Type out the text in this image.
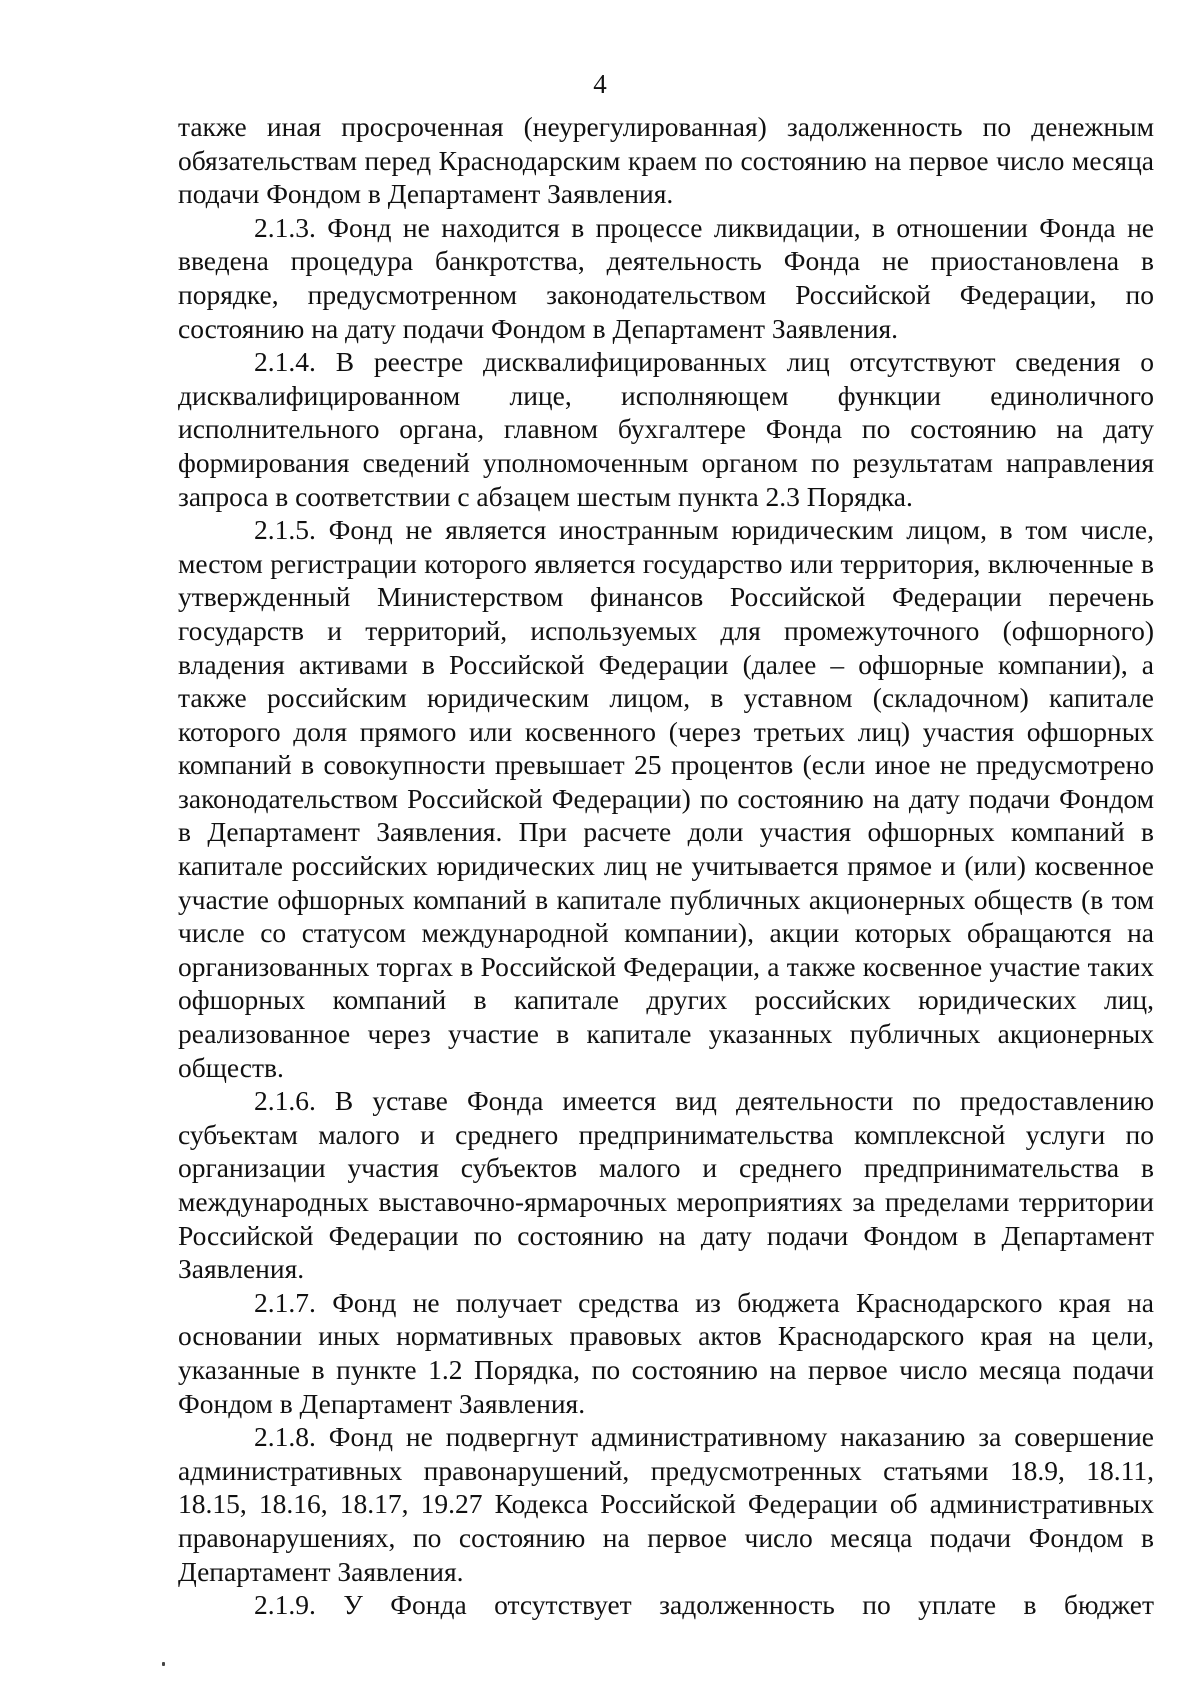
4

также иная просроченная (неурегулированная) задолженность по денежным обязательствам перед Краснодарским краем по состоянию на первое число месяца подачи Фондом в Департамент Заявления.

2.1.3. Фонд не находится в процессе ликвидации, в отношении Фонда не введена процедура банкротства, деятельность Фонда не приостановлена в порядке, предусмотренном законодательством Российской Федерации, по состоянию на дату подачи Фондом в Департамент Заявления.

2.1.4. В реестре дисквалифицированных лиц отсутствуют сведения о дисквалифицированном лице, исполняющем функции единоличного исполнительного органа, главном бухгалтере Фонда по состоянию на дату формирования сведений уполномоченным органом по результатам направления запроса в соответствии с абзацем шестым пункта 2.3 Порядка.

2.1.5. Фонд не является иностранным юридическим лицом, в том числе, местом регистрации которого является государство или территория, включенные в утвержденный Министерством финансов Российской Федерации перечень государств и территорий, используемых для промежуточного (офшорного) владения активами в Российской Федерации (далее – офшорные компании), а также российским юридическим лицом, в уставном (складочном) капитале которого доля прямого или косвенного (через третьих лиц) участия офшорных компаний в совокупности превышает 25 процентов (если иное не предусмотрено законодательством Российской Федерации) по состоянию на дату подачи Фондом в Департамент Заявления. При расчете доли участия офшорных компаний в капитале российских юридических лиц не учитывается прямое и (или) косвенное участие офшорных компаний в капитале публичных акционерных обществ (в том числе со статусом международной компании), акции которых обращаются на организованных торгах в Российской Федерации, а также косвенное участие таких офшорных компаний в капитале других российских юридических лиц, реализованное через участие в капитале указанных публичных акционерных обществ.

2.1.6. В уставе Фонда имеется вид деятельности по предоставлению субъектам малого и среднего предпринимательства комплексной услуги по организации участия субъектов малого и среднего предпринимательства в международных выставочно-ярмарочных мероприятиях за пределами территории Российской Федерации по состоянию на дату подачи Фондом в Департамент Заявления.

2.1.7. Фонд не получает средства из бюджета Краснодарского края на основании иных нормативных правовых актов Краснодарского края на цели, указанные в пункте 1.2 Порядка, по состоянию на первое число месяца подачи Фондом в Департамент Заявления.

2.1.8. Фонд не подвергнут административному наказанию за совершение административных правонарушений, предусмотренных статьями 18.9, 18.11, 18.15, 18.16, 18.17, 19.27 Кодекса Российской Федерации об административных правонарушениях, по состоянию на первое число месяца подачи Фондом в Департамент Заявления.

2.1.9. У Фонда отсутствует задолженность по уплате в бюджет
